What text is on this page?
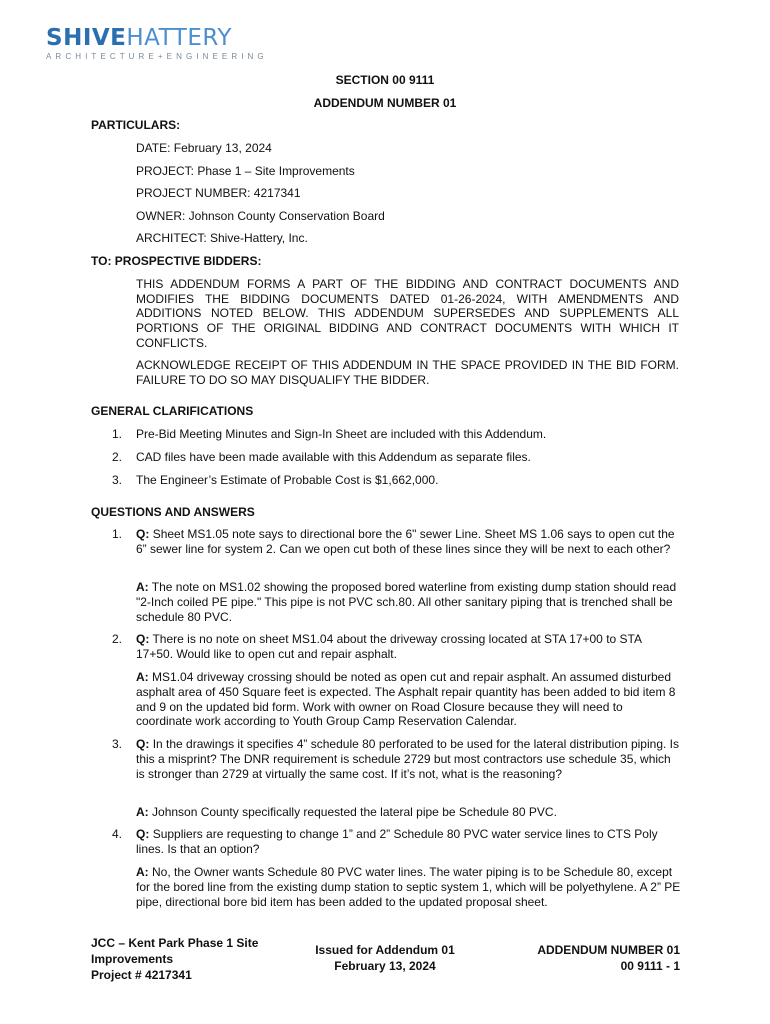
SHIVEHATTERY
ARCHITECTURE+ENGINEERING
SECTION 00 9111
ADDENDUM NUMBER 01
PARTICULARS:
DATE: February 13, 2024
PROJECT: Phase 1 – Site Improvements
PROJECT NUMBER: 4217341
OWNER: Johnson County Conservation Board
ARCHITECT: Shive-Hattery, Inc.
TO: PROSPECTIVE BIDDERS:
THIS ADDENDUM FORMS A PART OF THE BIDDING AND CONTRACT DOCUMENTS AND MODIFIES THE BIDDING DOCUMENTS DATED 01-26-2024, WITH AMENDMENTS AND ADDITIONS NOTED BELOW. THIS ADDENDUM SUPERSEDES AND SUPPLEMENTS ALL PORTIONS OF THE ORIGINAL BIDDING AND CONTRACT DOCUMENTS WITH WHICH IT CONFLICTS.
ACKNOWLEDGE RECEIPT OF THIS ADDENDUM IN THE SPACE PROVIDED IN THE BID FORM. FAILURE TO DO SO MAY DISQUALIFY THE BIDDER.
GENERAL CLARIFICATIONS
1. Pre-Bid Meeting Minutes and Sign-In Sheet are included with this Addendum.
2. CAD files have been made available with this Addendum as separate files.
3. The Engineer’s Estimate of Probable Cost is $1,662,000.
QUESTIONS AND ANSWERS
1. Q: Sheet MS1.05 note says to directional bore the 6" sewer Line. Sheet MS 1.06 says to open cut the 6” sewer line for system 2. Can we open cut both of these lines since they will be next to each other?
A: The note on MS1.02 showing the proposed bored waterline from existing dump station should read "2-Inch coiled PE pipe." This pipe is not PVC sch.80. All other sanitary piping that is trenched shall be schedule 80 PVC.
2. Q: There is no note on sheet MS1.04 about the driveway crossing located at STA 17+00 to STA 17+50. Would like to open cut and repair asphalt.
A: MS1.04 driveway crossing should be noted as open cut and repair asphalt. An assumed disturbed asphalt area of 450 Square feet is expected. The Asphalt repair quantity has been added to bid item 8 and 9 on the updated bid form. Work with owner on Road Closure because they will need to coordinate work according to Youth Group Camp Reservation Calendar.
3. Q: In the drawings it specifies 4” schedule 80 perforated to be used for the lateral distribution piping. Is this a misprint? The DNR requirement is schedule 2729 but most contractors use schedule 35, which is stronger than 2729 at virtually the same cost. If it’s not, what is the reasoning?
A: Johnson County specifically requested the lateral pipe be Schedule 80 PVC.
4. Q: Suppliers are requesting to change 1” and 2” Schedule 80 PVC water service lines to CTS Poly lines. Is that an option?
A: No, the Owner wants Schedule 80 PVC water lines. The water piping is to be Schedule 80, except for the bored line from the existing dump station to septic system 1, which will be polyethylene. A 2” PE pipe, directional bore bid item has been added to the updated proposal sheet.
JCC – Kent Park Phase 1 Site
Improvements
Project # 4217341
Issued for Addendum 01
February 13, 2024
ADDENDUM NUMBER 01
00 9111 - 1
